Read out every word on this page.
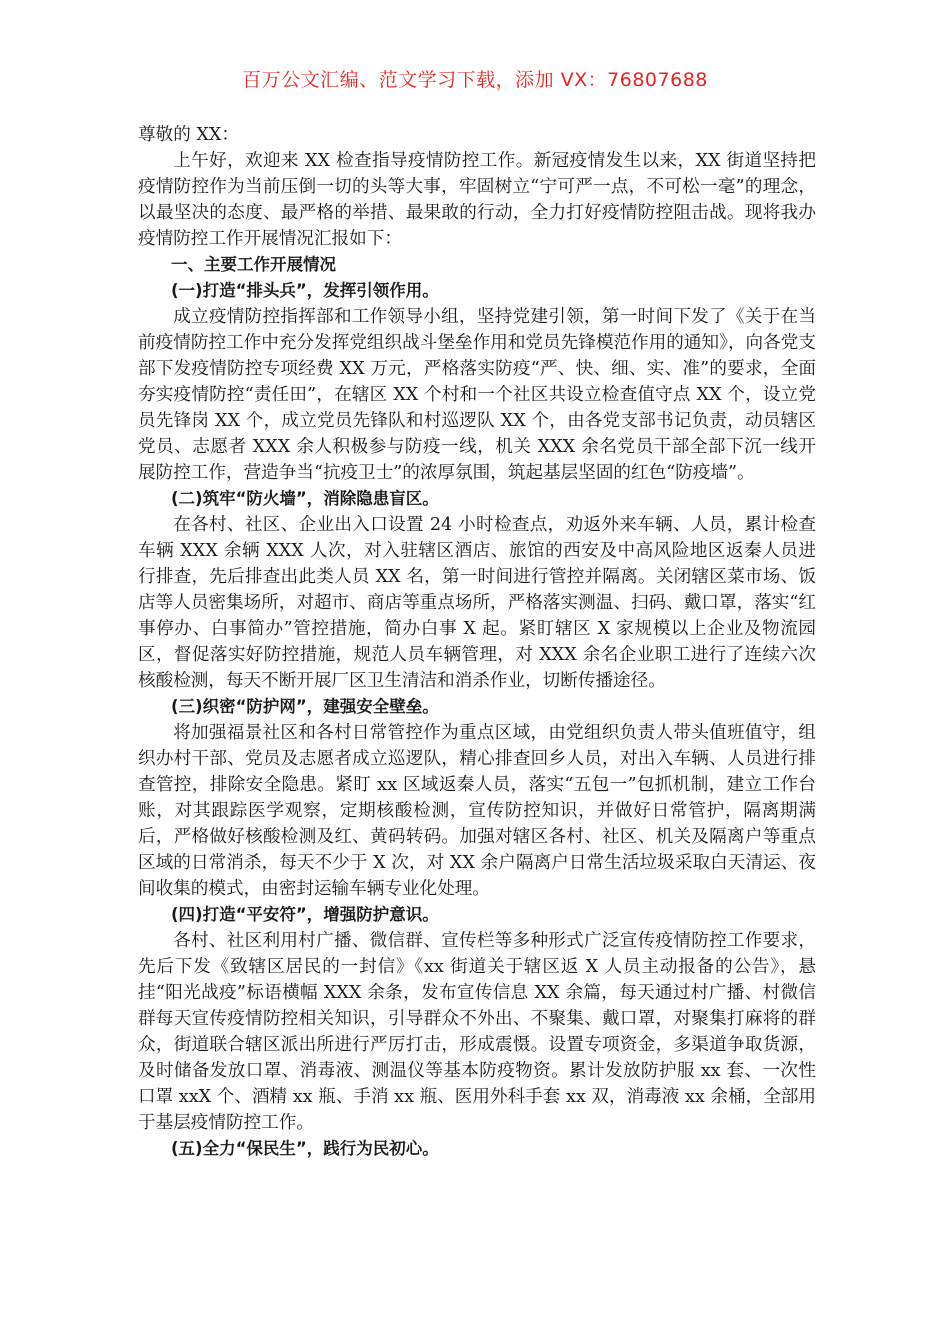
百万公文汇编、范文学习下载，添加 VX：76807688

尊敬的 XX：

上午好，欢迎来 XX 检查指导疫情防控工作。新冠疫情发生以来，XX 街道坚持把疫情防控作为当前压倒一切的头等大事，牢固树立“宁可严一点，不可松一毫”的理念，以最坚决的态度、最严格的举措、最果敢的行动，全力打好疫情防控阻击战。现将我办疫情防控工作开展情况汇报如下：

一、主要工作开展情况

(一)打造“排头兵”，发挥引领作用。

成立疫情防控指挥部和工作领导小组，坚持党建引领，第一时间下发了《关于在当前疫情防控工作中充分发挥党组织战斗堡垒作用和党员先锋模范作用的通知》，向各党支部下发疫情防控专项经费 XX 万元，严格落实防疫“严、快、细、实、准”的要求，全面夯实疫情防控“责任田”，在辖区 XX 个村和一个社区共设立检查值守点 XX 个，设立党员先锋岗 XX 个，成立党员先锋队和村巡逻队 XX 个，由各党支部书记负责，动员辖区党员、志愿者 XXX 余人积极参与防疫一线，机关 XXX 余名党员干部全部下沉一线开展防控工作，营造争当“抗疫卫士”的浓厚氛围，筑起基层坚固的红色“防疫墙”。

(二)筑牢“防火墙”，消除隐患盲区。

在各村、社区、企业出入口设置 24 小时检查点，劝返外来车辆、人员，累计检查车辆 XXX 余辆 XXX 人次，对入驻辖区酒店、旅馆的西安及中高风险地区返秦人员进行排查，先后排查出此类人员 XX 名，第一时间进行管控并隔离。关闭辖区菜市场、饭店等人员密集场所，对超市、商店等重点场所，严格落实测温、扫码、戴口罩，落实“红事停办、白事简办”管控措施，简办白事 X 起。紧盯辖区 X 家规模以上企业及物流园区，督促落实好防控措施，规范人员车辆管理，对 XXX 余名企业职工进行了连续六次核酸检测，每天不断开展厂区卫生清洁和消杀作业，切断传播途径。

(三)织密“防护网”，建强安全壁垒。

将加强福景社区和各村日常管控作为重点区域，由党组织负责人带头值班值守，组织办村干部、党员及志愿者成立巡逻队，精心排查回乡人员，对出入车辆、人员进行排查管控，排除安全隐患。紧盯 xx 区域返秦人员，落实“五包一”包抓机制，建立工作台账，对其跟踪医学观察，定期核酸检测，宣传防控知识，并做好日常管护，隔离期满后，严格做好核酸检测及红、黄码转码。加强对辖区各村、社区、机关及隔离户等重点区域的日常消杀，每天不少于 X 次，对 XX 余户隔离户日常生活垃圾采取白天清运、夜间收集的模式，由密封运输车辆专业化处理。

(四)打造“平安符”，增强防护意识。

各村、社区利用村广播、微信群、宣传栏等多种形式广泛宣传疫情防控工作要求，先后下发《致辖区居民的一封信》《xx 街道关于辖区返 X 人员主动报备的公告》，悬挂“阳光战疫”标语横幅 XXX 余条，发布宣传信息 XX 余篇，每天通过村广播、村微信群每天宣传疫情防控相关知识，引导群众不外出、不聚集、戴口罩，对聚集打麻将的群众，街道联合辖区派出所进行严厉打击，形成震慑。设置专项资金，多渠道争取货源，及时储备发放口罩、消毒液、测温仪等基本防疫物资。累计发放防护服 xx 套、一次性口罩 xxX 个、酒精 xx 瓶、手消 xx 瓶、医用外科手套 xx 双，消毒液 xx 余桶，全部用于基层疫情防控工作。

(五)全力“保民生”，践行为民初心。
